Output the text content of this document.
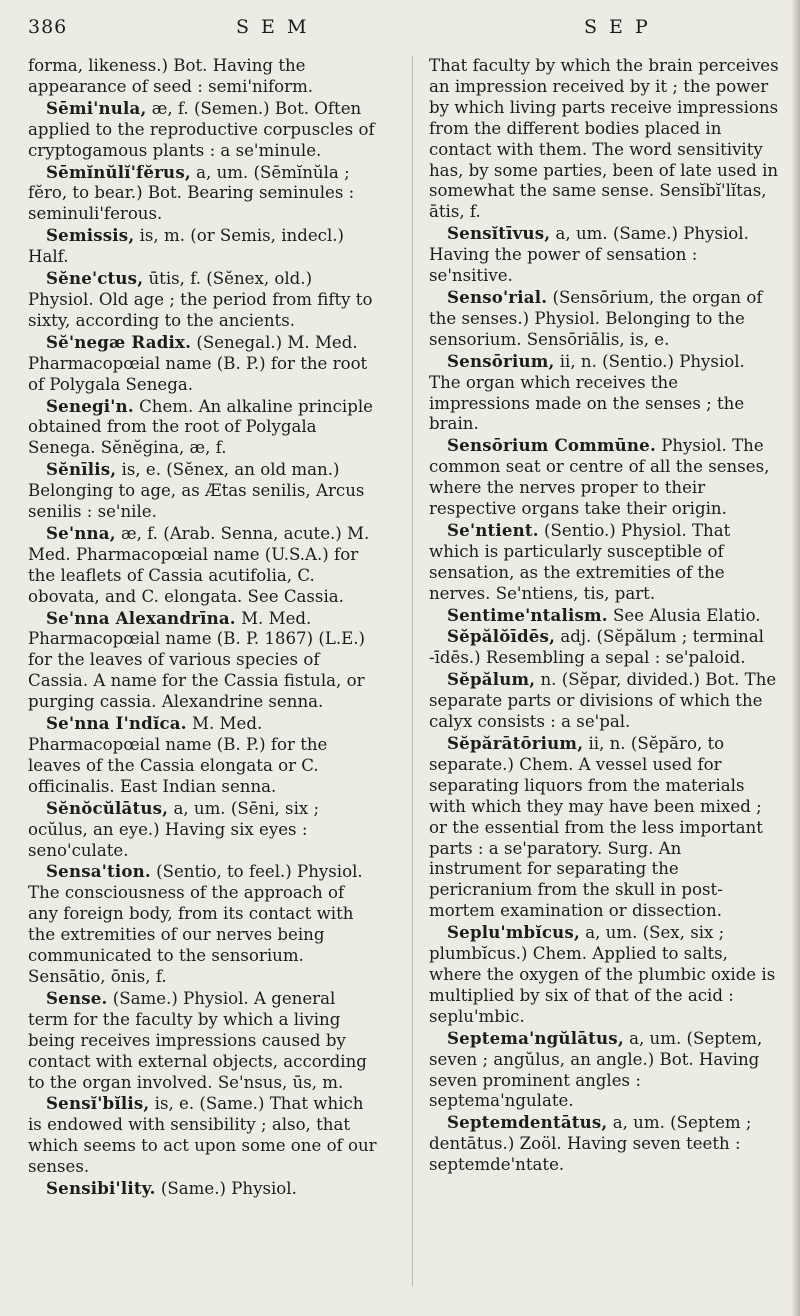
386	S E M	S E P

forma, likeness.) Bot. Having the appearance of seed : semi'niform.

Sēmi'nula, æ, f. (Semen.) Bot. Often applied to the reproductive corpuscles of cryptogamous plants : a se'minule.

Sēmĭnŭlĭ'fĕrus, a, um. (Sēmĭnŭla ; fĕro, to bear.) Bot. Bearing seminules : seminuli'ferous.

Semissis, is, m. (or Semis, indecl.) Half.

Sĕne'ctus, ūtis, f. (Sĕnex, old.) Physiol. Old age ; the period from fifty to sixty, according to the ancients.

Sĕ'negæ Radix. (Senegal.) M. Med. Pharmacopœial name (B. P.) for the root of Polygala Senega.

Senegi'n. Chem. An alkaline principle obtained from the root of Polygala Senega. Sĕnĕgina, æ, f.

Sĕnīlis, is, e. (Sĕnex, an old man.) Belonging to age, as Ætas senilis, Arcus senilis : se'nile.

Se'nna, æ, f. (Arab. Senna, acute.) M. Med. Pharmacopœial name (U.S.A.) for the leaflets of Cassia acutifolia, C. obovata, and C. elongata. See Cassia.

Se'nna Alexandrīna. M. Med. Pharmacopœial name (B. P. 1867) (L.E.) for the leaves of various species of Cassia. A name for the Cassia fistula, or purging cassia. Alexandrine senna.

Se'nna I'ndĭca. M. Med. Pharmacopœial name (B. P.) for the leaves of the Cassia elongata or C. officinalis. East Indian senna.

Sĕnŏcŭlātus, a, um. (Sēni, six ; ocŭlus, an eye.) Having six eyes : seno'culate.

Sensa'tion. (Sentio, to feel.) Physiol. The consciousness of the approach of any foreign body, from its contact with the extremities of our nerves being communicated to the sensorium. Sensātio, ōnis, f.

Sense. (Same.) Physiol. A general term for the faculty by which a living being receives impressions caused by contact with external objects, according to the organ involved. Se'nsus, ūs, m.

Sensĭ'bĭlis, is, e. (Same.) That which is endowed with sensibility ; also, that which seems to act upon some one of our senses.

Sensibi'lity. (Same.) Physiol.

That faculty by which the brain perceives an impression received by it ; the power by which living parts receive impressions from the different bodies placed in contact with them. The word sensitivity has, by some parties, been of late used in somewhat the same sense. Sensĭbĭ'lĭtas, ātis, f.

Sensĭtīvus, a, um. (Same.) Physiol. Having the power of sensation : se'nsitive.

Senso'rial. (Sensōrium, the organ of the senses.) Physiol. Belonging to the sensorium. Sensōriālis, is, e.

Sensōrium, ii, n. (Sentio.) Physiol. The organ which receives the impressions made on the senses ; the brain.

Sensōrium Commūne. Physiol. The common seat or centre of all the senses, where the nerves proper to their respective organs take their origin.

Se'ntient. (Sentio.) Physiol. That which is particularly susceptible of sensation, as the extremities of the nerves. Se'ntiens, tis, part.

Sentime'ntalism. See Alusia Elatio.

Sĕpălŏīdēs, adj. (Sĕpălum ; terminal -īdēs.) Resembling a sepal : se'paloid.

Sĕpălum, n. (Sĕpar, divided.) Bot. The separate parts or divisions of which the calyx consists : a se'pal.

Sĕpărātōrium, ii, n. (Sĕpăro, to separate.) Chem. A vessel used for separating liquors from the materials with which they may have been mixed ; or the essential from the less important parts : a se'paratory. Surg. An instrument for separating the pericranium from the skull in post-mortem examination or dissection.

Seplu'mbĭcus, a, um. (Sex, six ; plumbĭcus.) Chem. Applied to salts, where the oxygen of the plumbic oxide is multiplied by six of that of the acid : seplu'mbic.

Septema'ngŭlātus, a, um. (Septem, seven ; angŭlus, an angle.) Bot. Having seven prominent angles : septema'ngulate.

Septemdentātus, a, um. (Septem ; dentātus.) Zoöl. Having seven teeth : septemde'ntate.
